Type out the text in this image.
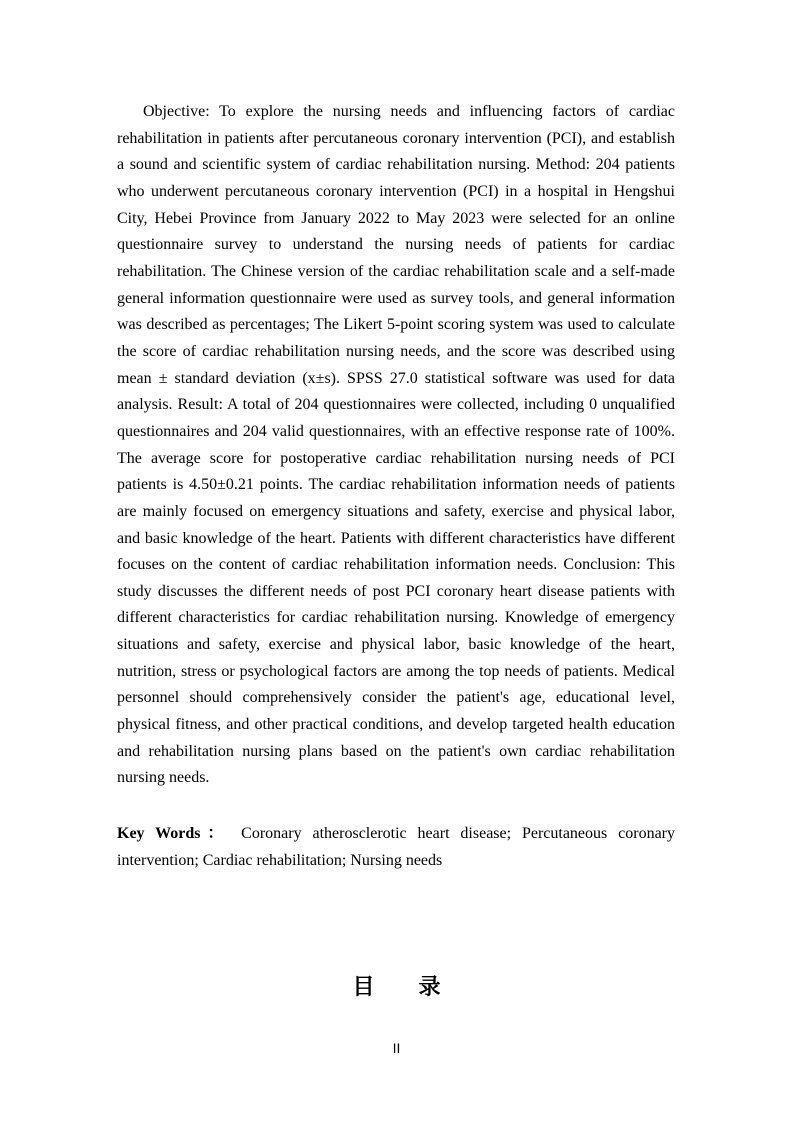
Objective: To explore the nursing needs and influencing factors of cardiac rehabilitation in patients after percutaneous coronary intervention (PCI), and establish a sound and scientific system of cardiac rehabilitation nursing. Method: 204 patients who underwent percutaneous coronary intervention (PCI) in a hospital in Hengshui City, Hebei Province from January 2022 to May 2023 were selected for an online questionnaire survey to understand the nursing needs of patients for cardiac rehabilitation. The Chinese version of the cardiac rehabilitation scale and a self-made general information questionnaire were used as survey tools, and general information was described as percentages; The Likert 5-point scoring system was used to calculate the score of cardiac rehabilitation nursing needs, and the score was described using mean ± standard deviation (x±s). SPSS 27.0 statistical software was used for data analysis. Result: A total of 204 questionnaires were collected, including 0 unqualified questionnaires and 204 valid questionnaires, with an effective response rate of 100%. The average score for postoperative cardiac rehabilitation nursing needs of PCI patients is 4.50±0.21 points. The cardiac rehabilitation information needs of patients are mainly focused on emergency situations and safety, exercise and physical labor, and basic knowledge of the heart. Patients with different characteristics have different focuses on the content of cardiac rehabilitation information needs. Conclusion: This study discusses the different needs of post PCI coronary heart disease patients with different characteristics for cardiac rehabilitation nursing. Knowledge of emergency situations and safety, exercise and physical labor, basic knowledge of the heart, nutrition, stress or psychological factors are among the top needs of patients. Medical personnel should comprehensively consider the patient's age, educational level, physical fitness, and other practical conditions, and develop targeted health education and rehabilitation nursing plans based on the patient's own cardiac rehabilitation nursing needs.

Key Words： Coronary atherosclerotic heart disease; Percutaneous coronary intervention; Cardiac rehabilitation; Nursing needs
目　　录
II
